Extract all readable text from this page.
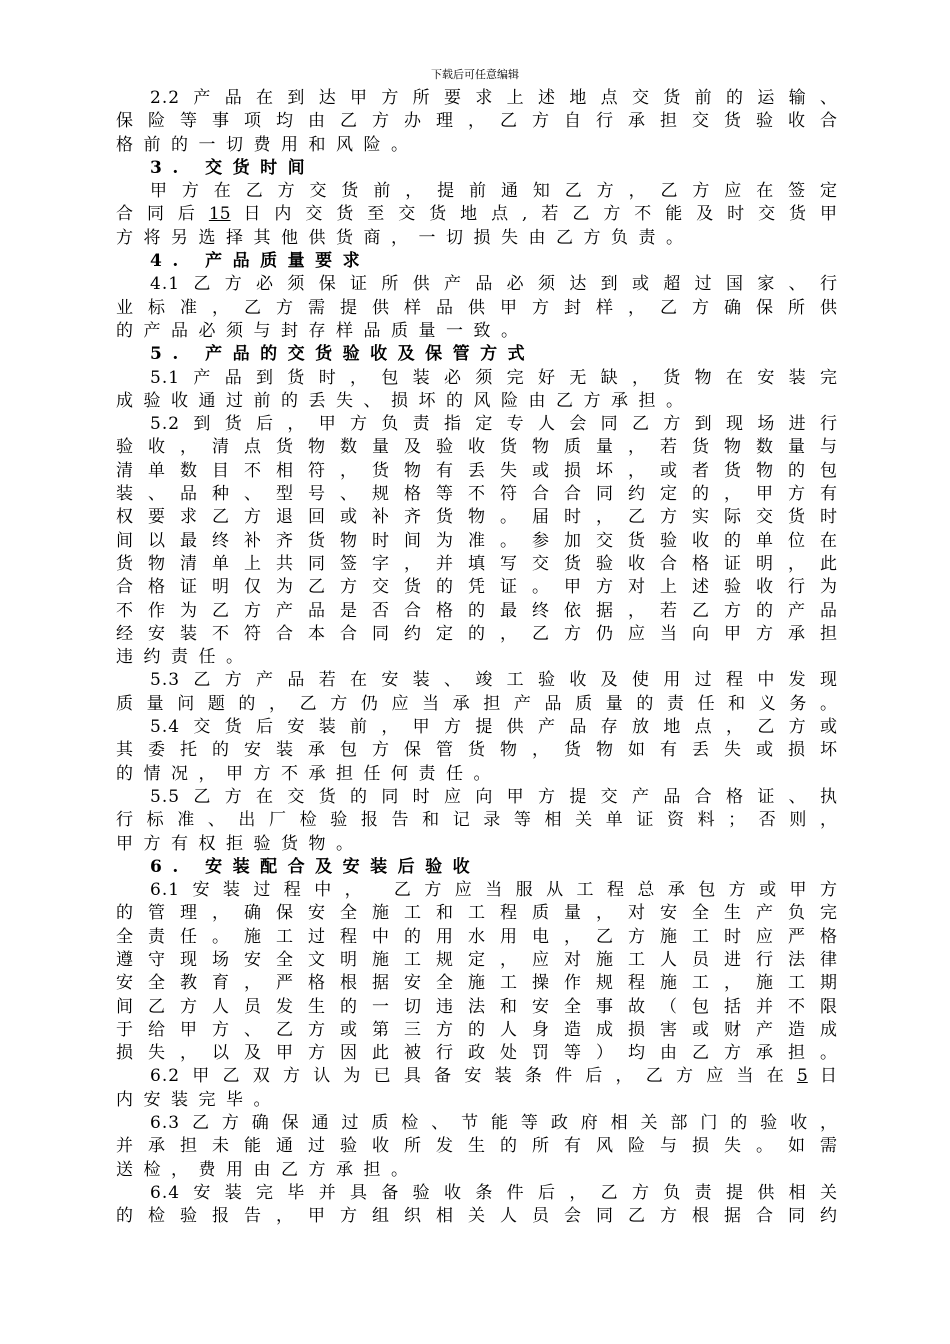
下载后可任意编辑
2.2产品在到达甲方所要求上述地点交货前的运输、
保险等事项均由乙方办理，乙方自行承担交货验收合
格前的一切费用和风险。
3. 交货时间
甲方在乙方交货前，提前通知乙方，乙方应在签定
合同后15日内交货至交货地点,若乙方不能及时交货甲
方将另选择其他供货商，一切损失由乙方负责。
4. 产品质量要求
4.1乙方必须保证所供产品必须达到或超过国家、行
业标准，乙方需提供样品供甲方封样，乙方确保所供
的产品必须与封存样品质量一致。
5. 产品的交货验收及保管方式
5.1产品到货时，包装必须完好无缺，货物在安装完
成验收通过前的丢失、损坏的风险由乙方承担。
5.2到货后，甲方负责指定专人会同乙方到现场进行
验收，清点货物数量及验收货物质量，若货物数量与
清单数目不相符，货物有丢失或损坏，或者货物的包
装、品种、型号、规格等不符合合同约定的，甲方有
权要求乙方退回或补齐货物。届时，乙方实际交货时
间以最终补齐货物时间为准。参加交货验收的单位在
货物清单上共同签字，并填写交货验收合格证明，此
合格证明仅为乙方交货的凭证。甲方对上述验收行为
不作为乙方产品是否合格的最终依据，若乙方的产品
经安装不符合本合同约定的，乙方仍应当向甲方承担
违约责任。
5.3乙方产品若在安装、竣工验收及使用过程中发现
质量问题的，乙方仍应当承担产品质量的责任和义务。
5.4交货后安装前，甲方提供产品存放地点，乙方或
其委托的安装承包方保管货物，货物如有丢失或损坏
的情况，甲方不承担任何责任。
5.5乙方在交货的同时应向甲方提交产品合格证、执
行标准、出厂检验报告和记录等相关单证资料；否则，
甲方有权拒验货物。
6. 安装配合及安装后验收
6.1安装过程中， 乙方应当服从工程总承包方或甲方
的管理，确保安全施工和工程质量，对安全生产负完
全责任。施工过程中的用水用电，乙方施工时应严格
遵守现场安全文明施工规定，应对施工人员进行法律
安全教育，严格根据安全施工操作规程施工，施工期
间乙方人员发生的一切违法和安全事故（包括并不限
于给甲方、乙方或第三方的人身造成损害或财产造成
损失，以及甲方因此被行政处罚等）均由乙方承担。
6.2甲乙双方认为已具备安装条件后，乙方应当在5日
内安装完毕。
6.3乙方确保通过质检、节能等政府相关部门的验收，
并承担未能通过验收所发生的所有风险与损失。如需
送检，费用由乙方承担。
6.4安装完毕并具备验收条件后，乙方负责提供相关
的检验报告，甲方组织相关人员会同乙方根据合同约
